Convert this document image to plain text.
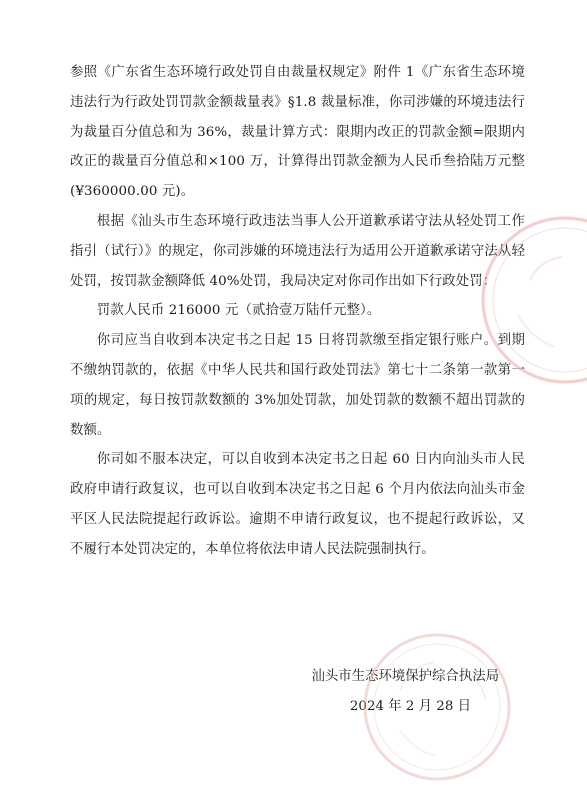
参照《广东省生态环境行政处罚自由裁量权规定》附件 1《广东省生态环境违法行为行政处罚罚款金额裁量表》§1.8 裁量标准，你司涉嫌的环境违法行为裁量百分值总和为 36%，裁量计算方式：限期内改正的罚款金额=限期内改正的裁量百分值总和×100 万，计算得出罚款金额为人民币叁拾陆万元整(¥360000.00 元)。

根据《汕头市生态环境行政违法当事人公开道歉承诺守法从轻处罚工作指引（试行）》的规定，你司涉嫌的环境违法行为适用公开道歉承诺守法从轻处罚，按罚款金额降低 40%处罚，我局决定对你司作出如下行政处罚：

罚款人民币 216000 元（贰拾壹万陆仟元整）。

你司应当自收到本决定书之日起 15 日将罚款缴至指定银行账户。到期不缴纳罚款的，依据《中华人民共和国行政处罚法》第七十二条第一款第一项的规定，每日按罚款数额的 3%加处罚款，加处罚款的数额不超出罚款的数额。

你司如不服本决定，可以自收到本决定书之日起 60 日内向汕头市人民政府申请行政复议，也可以自收到本决定书之日起 6 个月内依法向汕头市金平区人民法院提起行政诉讼。逾期不申请行政复议，也不提起行政诉讼，又不履行本处罚决定的，本单位将依法申请人民法院强制执行。

汕头市生态环境保护综合执法局
2024 年 2 月 28 日
